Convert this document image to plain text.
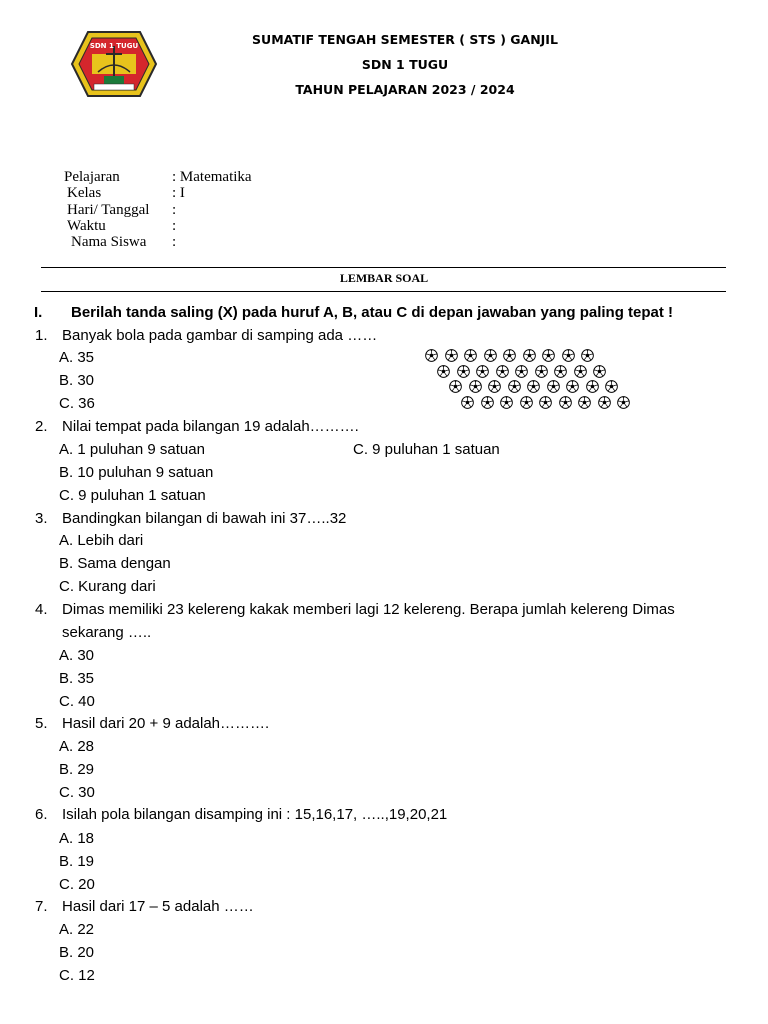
SDN 1 TUGU	SUMATIF TENGAH SEMESTER ( STS ) GANJIL
SDN 1 TUGU
TAHUN PELAJARAN 2023 / 2024
Pelajaran	: Matematika
Kelas	: I
Hari/ Tanggal :
Waktu	:
Nama Siswa :
LEMBAR SOAL
I. Berilah tanda saling (X) pada huruf A, B, atau C di depan jawaban yang paling tepat !
1. Banyak bola pada gambar di samping ada ……
A. 35
B. 30
C. 36
2. Nilai tempat pada bilangan 19 adalah……….
A. 1 puluhan 9 satuan	C. 9 puluhan 1 satuan
B. 10 puluhan 9 satuan
C. 9 puluhan 1 satuan
3. Bandingkan bilangan di bawah ini 37…..32
A. Lebih dari
B. Sama dengan
C. Kurang dari
4. Dimas memiliki 23 kelereng kakak memberi lagi 12 kelereng. Berapa jumlah kelereng Dimas
sekarang …..
A. 30
B. 35
C. 40
5. Hasil dari 20 + 9 adalah……….
A. 28
B. 29
C. 30
6. Isilah pola bilangan disamping ini : 15,16,17, …..,19,20,21
A. 18
B. 19
C. 20
7. Hasil dari 17 – 5 adalah ……
A. 22
B. 20
C. 12
